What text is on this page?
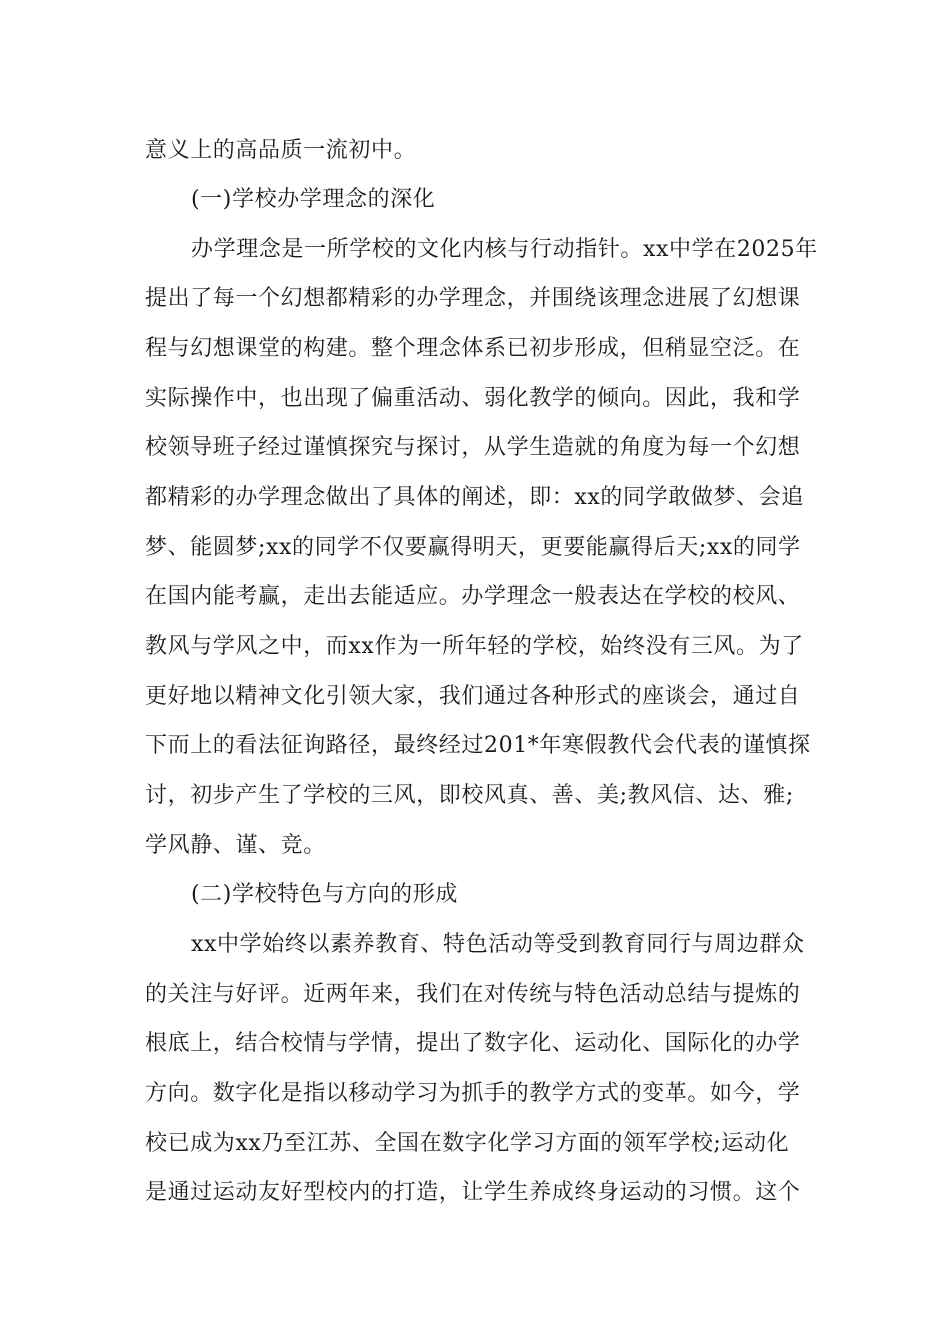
意义上的高品质一流初中。
(一)学校办学理念的深化
办学理念是一所学校的文化内核与行动指针。xx中学在2025年
提出了每一个幻想都精彩的办学理念，并围绕该理念进展了幻想课
程与幻想课堂的构建。整个理念体系已初步形成，但稍显空泛。在
实际操作中，也出现了偏重活动、弱化教学的倾向。因此，我和学
校领导班子经过谨慎探究与探讨，从学生造就的角度为每一个幻想
都精彩的办学理念做出了具体的阐述，即：xx的同学敢做梦、会追
梦、能圆梦;xx的同学不仅要赢得明天，更要能赢得后天;xx的同学
在国内能考赢，走出去能适应。办学理念一般表达在学校的校风、
教风与学风之中，而xx作为一所年轻的学校，始终没有三风。为了
更好地以精神文化引领大家，我们通过各种形式的座谈会，通过自
下而上的看法征询路径，最终经过201*年寒假教代会代表的谨慎探
讨，初步产生了学校的三风，即校风真、善、美;教风信、达、雅;
学风静、谨、竞。
(二)学校特色与方向的形成
xx中学始终以素养教育、特色活动等受到教育同行与周边群众
的关注与好评。近两年来，我们在对传统与特色活动总结与提炼的
根底上，结合校情与学情，提出了数字化、运动化、国际化的办学
方向。数字化是指以移动学习为抓手的教学方式的变革。如今，学
校已成为xx乃至江苏、全国在数字化学习方面的领军学校;运动化
是通过运动友好型校内的打造，让学生养成终身运动的习惯。这个
